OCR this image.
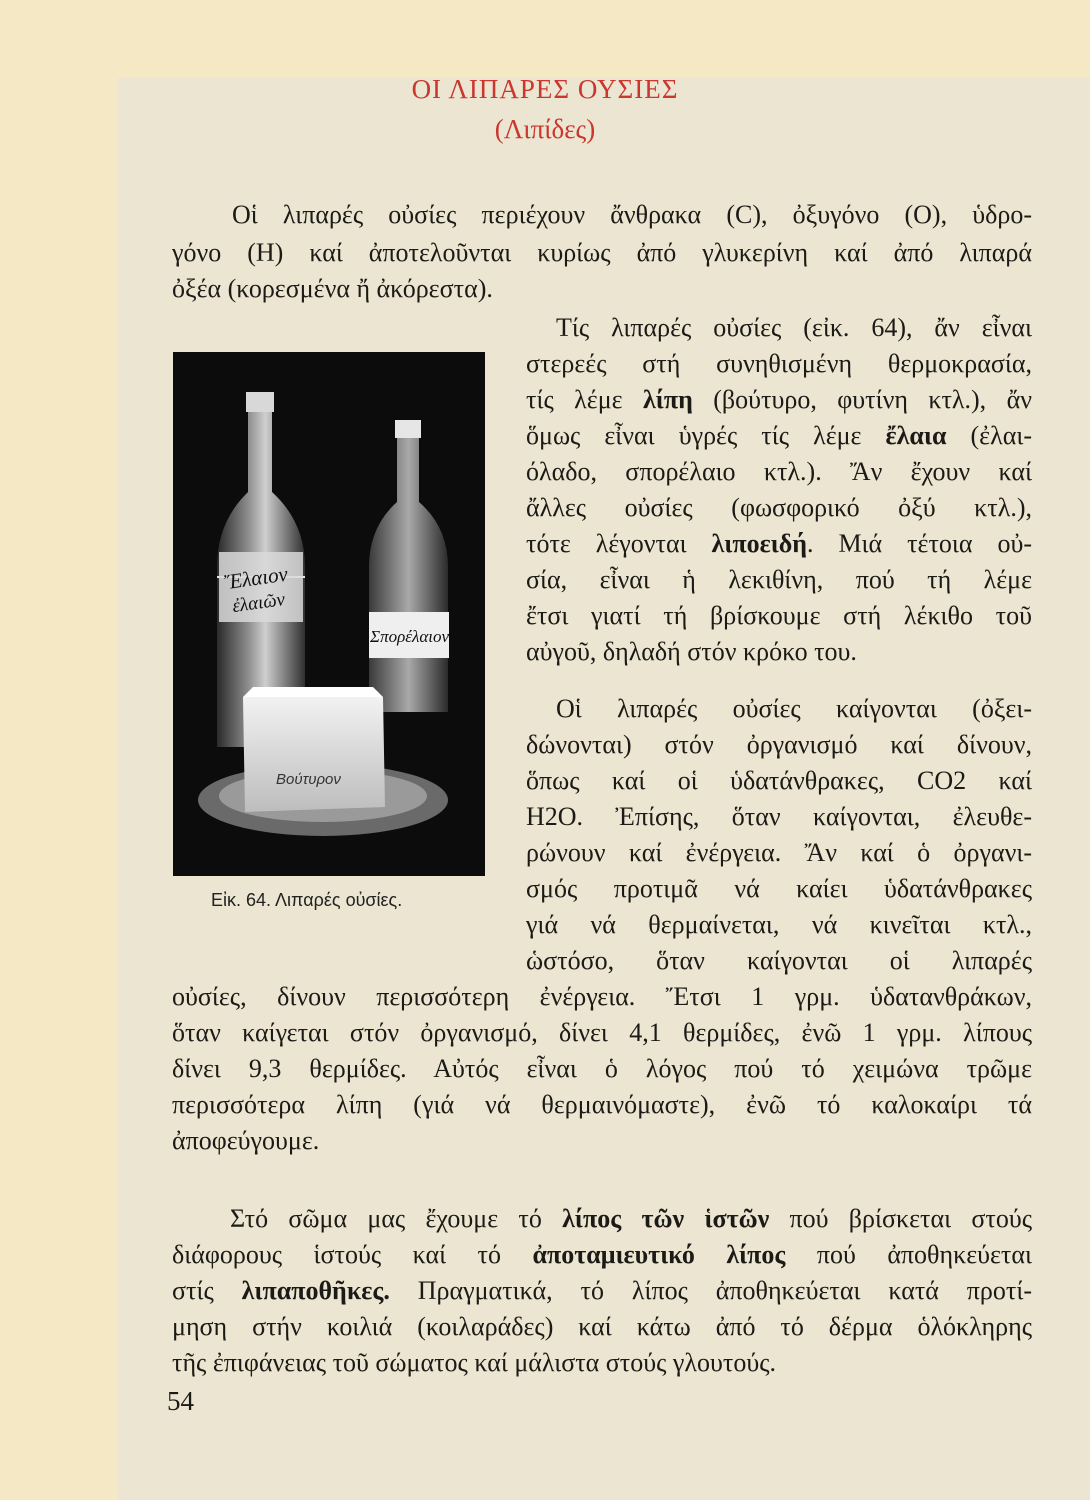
ΟΙ ΛΙΠΑΡΕΣ ΟΥΣΙΕΣ
(Λιπίδες)
Οἱ λιπαρές οὐσίες περιέχουν ἄνθρακα (C), ὀξυγόνο (Ο), ὑδρο-
γόνο (Η) καί ἀποτελοῦνται κυρίως ἀπό γλυκερίνη καί ἀπό λιπαρά
ὀξέα (κορεσμένα ἤ ἀκόρεστα).
Τίς λιπαρές οὐσίες (εἰκ. 64), ἄν εἶναι
στερεές στή συνηθισμένη θερμοκρασία,
τίς λέμε λίπη (βούτυρο, φυτίνη κτλ.), ἄν
ὅμως εἶναι ὑγρές τίς λέμε ἔλαια (ἐλαι-
όλαδο, σπορέλαιο κτλ.). Ἄν ἔχουν καί
ἄλλες οὐσίες (φωσφορικό ὀξύ κτλ.),
τότε λέγονται λιποειδή. Μιά τέτοια οὐ-
σία, εἶναι ἡ λεκιθίνη, πού τή λέμε
ἔτσι γιατί τή βρίσκουμε στή λέκιθο τοῦ
αὐγοῦ, δηλαδή στόν κρόκο του.
Ἔλαιον
ἐλαιῶν
Σπορέλαιον
Βούτυρον
Εἰκ. 64. Λιπαρές οὐσίες.
Οἱ λιπαρές οὐσίες καίγονται (ὀξει-
δώνονται) στόν ὀργανισμό καί δίνουν,
ὅπως καί οἱ ὑδατάνθρακες, CO2 καί
H2O. Ἐπίσης, ὅταν καίγονται, ἐλευθε-
ρώνουν καί ἐνέργεια. Ἄν καί ὁ ὀργανι-
σμός προτιμᾶ νά καίει ὑδατάνθρακες
γιά νά θερμαίνεται, νά κινεῖται κτλ.,
ὡστόσο, ὅταν καίγονται οἱ λιπαρές
οὐσίες, δίνουν περισσότερη ἐνέργεια. Ἔτσι 1 γρμ. ὑδατανθράκων,
ὅταν καίγεται στόν ὀργανισμό, δίνει 4,1 θερμίδες, ἐνῶ 1 γρμ. λίπους
δίνει 9,3 θερμίδες. Αὐτός εἶναι ὁ λόγος πού τό χειμώνα τρῶμε
περισσότερα λίπη (γιά νά θερμαινόμαστε), ἐνῶ τό καλοκαίρι τά
ἀποφεύγουμε.
Στό σῶμα μας ἔχουμε τό λίπος τῶν ἱστῶν πού βρίσκεται στούς
διάφορους ἱστούς καί τό ἀποταμιευτικό λίπος πού ἀποθηκεύεται
στίς λιπαποθῆκες. Πραγματικά, τό λίπος ἀποθηκεύεται κατά προτί-
μηση στήν κοιλιά (κοιλαράδες) καί κάτω ἀπό τό δέρμα ὁλόκληρης
τῆς ἐπιφάνειας τοῦ σώματος καί μάλιστα στούς γλουτούς.
54
